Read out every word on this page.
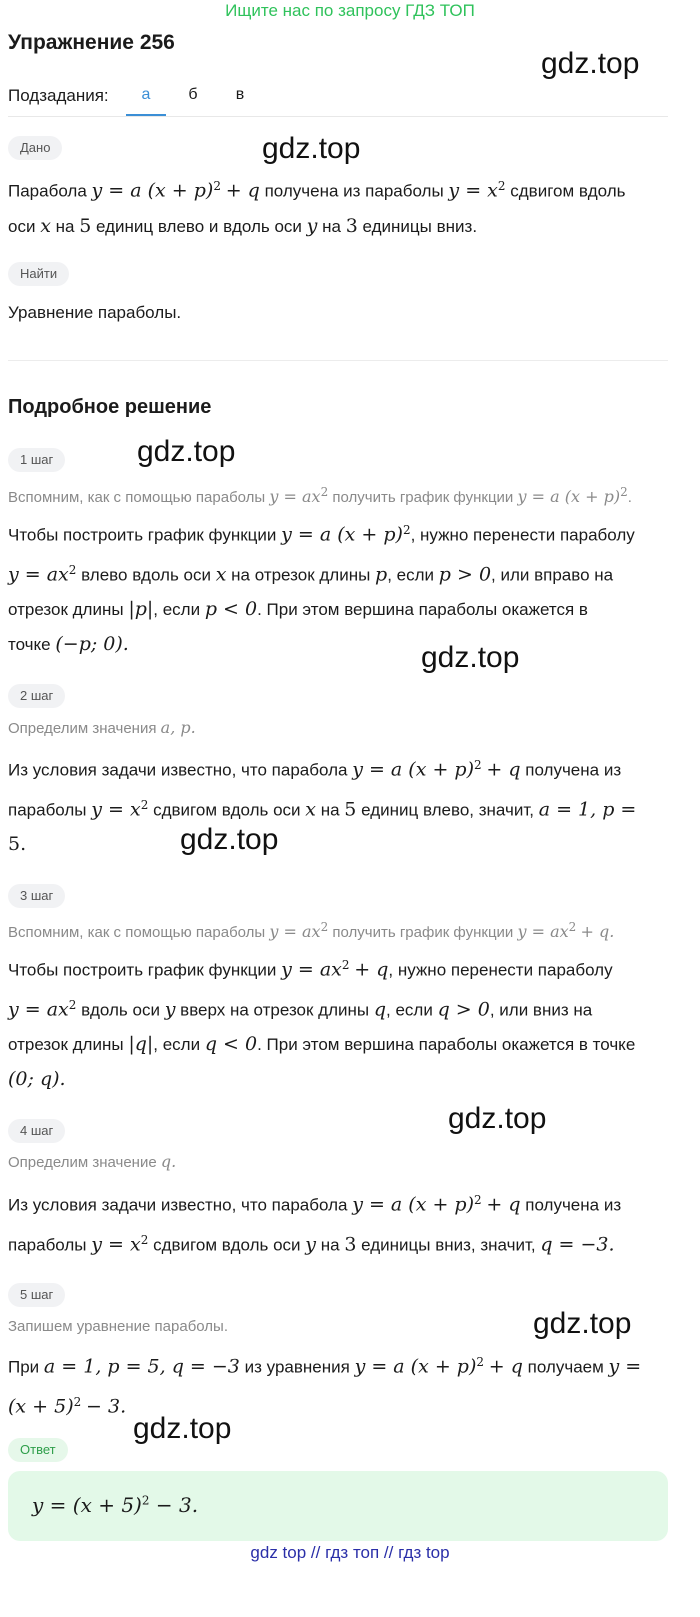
Ищите нас по запросу ГДЗ ТОП
Упражнение 256
gdz.top
Подзадания:	а	б	в
Дано	gdz.top
Парабола y = a $(x + p)^2 + q$ получена из параболы $y = x^2$ сдвигом вдоль
оси x на 5 единиц влево и вдоль оси y на 3 единицы вниз.
Найти
Уравнение параболы.
Подробное решение
1 шаг	gdz.top
Вспомним, как с помощью параболы $y = ax^2$ получить график функции y = a $(x + p)^2$.
Чтобы построить график функции y = a $(x + p)^2$, нужно перенести параболу
$y = ax^2$ влево вдоль оси x на отрезок длины p, если p > 0, или вправо на
отрезок длины |p|, если p < 0. При этом вершина параболы окажется в
точке (−p; 0).	gdz.top
2 шаг
Определим значения a, p.
Из условия задачи известно, что парабола y = a $(x + p)^2 + q$ получена из
параболы $y = x^2$ сдвигом вдоль оси x на 5 единиц влево, значит, a = 1, p =
5.	gdz.top
3 шаг
Вспомним, как с помощью параболы $y = ax^2$ получить график функции $y = ax^2 + q$.
Чтобы построить график функции $y = ax^2 + q$, нужно перенести параболу
$y = ax^2$ вдоль оси y вверх на отрезок длины q, если q > 0, или вниз на
отрезок длины |q|, если q < 0. При этом вершина параболы окажется в точке
(0; q).
gdz.top
4 шаг
Определим значение q.
Из условия задачи известно, что парабола y = a $(x + p)^2 + q$ получена из
параболы $y = x^2$ сдвигом вдоль оси y на 3 единицы вниз, значит, q = −3.
5 шаг
gdz.top
Запишем уравнение параболы.
При a = 1, p = 5, q = −3 из уравнения y = a $(x + p)^2 + q$ получаем y =
$(x + 5)^2 - 3$.
gdz.top
Ответ
$y = (x + 5)^2 - 3$.
gdz top // гдз топ // гдз top
